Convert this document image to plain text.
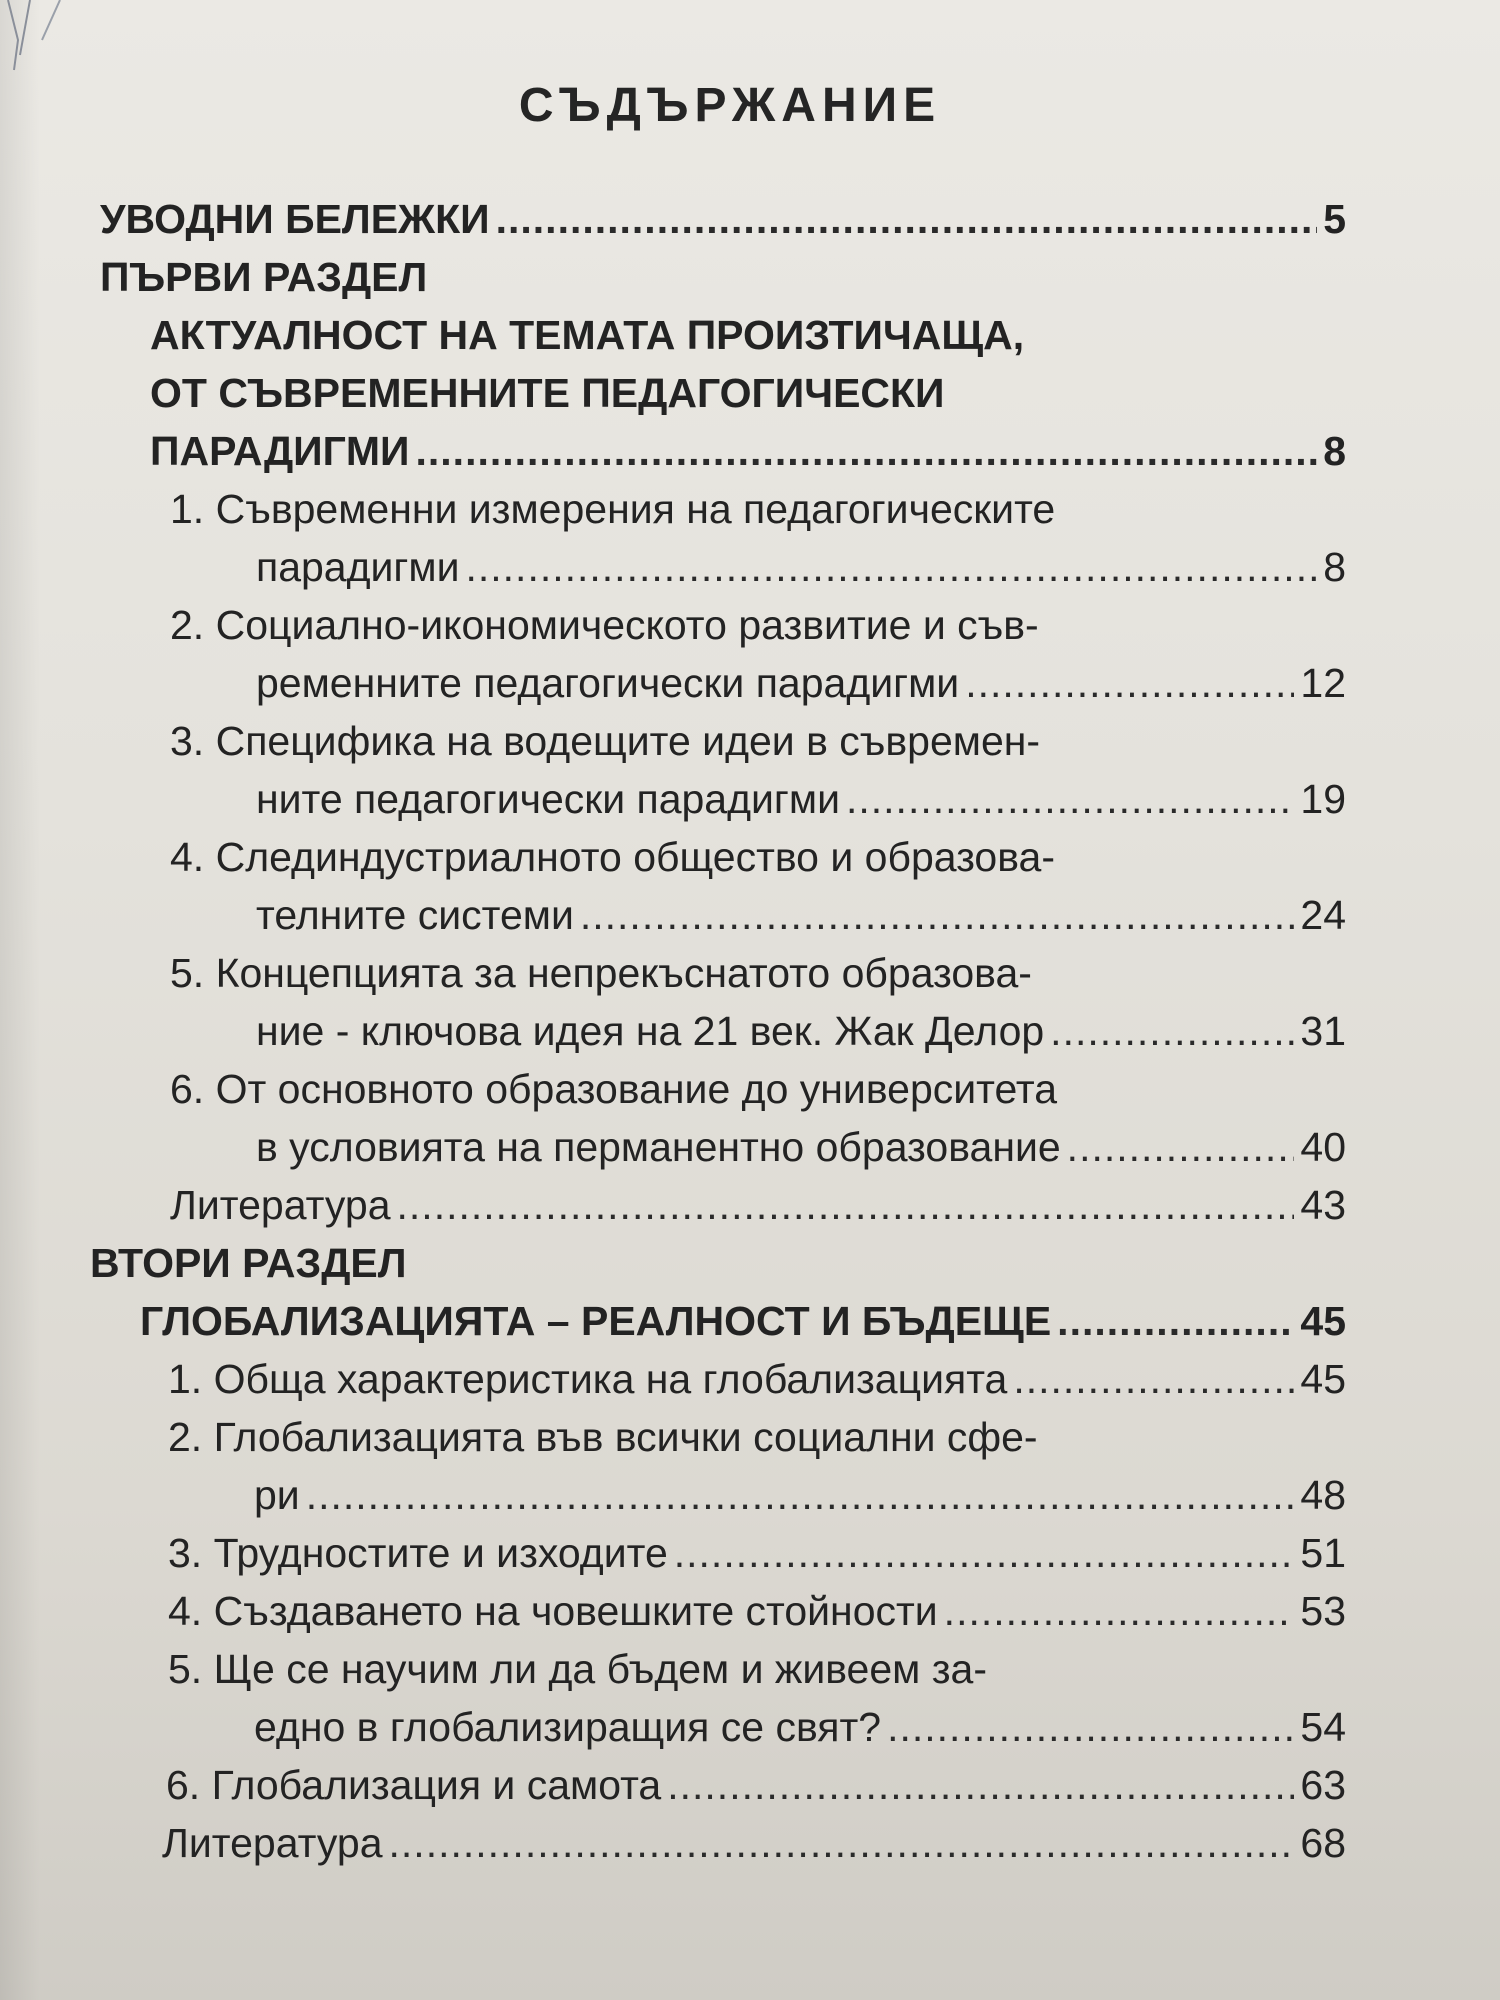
СЪДЪРЖАНИЕ
УВОДНИ БЕЛЕЖКИ .....	5
ПЪРВИ РАЗДЕЛ
АКТУАЛНОСТ НА ТЕМАТА ПРОИЗТИЧАЩА,
ОТ СЪВРЕМЕННИТЕ ПЕДАГОГИЧЕСКИ
ПАРАДИГМИ .....	8
1. Съвременни измерения на педагогическите
парадигми .....	8
2. Социално-икономическото развитие и съв-
ременните педагогически парадигми .....	12
3. Специфика на водещите идеи в съвремен-
ните педагогически парадигми .....	19
4. Слединдустриалното общество и образова-
телните системи .....	24
5. Концепцията за непрекъснатото образова-
ние - ключова идея на 21 век. Жак Делор .....	31
6. От основното образование до университета
в условията на перманентно образование .....	40
Литература .....	43
ВТОРИ РАЗДЕЛ
ГЛОБАЛИЗАЦИЯТА – РЕАЛНОСТ И БЪДЕЩЕ .....	45
1. Обща характеристика на глобализацията .....	45
2. Глобализацията във всички социални сфе-
ри .....	48
3. Трудностите и изходите .....	51
4. Създаването на човешките стойности .....	53
5. Ще се научим ли да бъдем и живеем за-
едно в глобализиращия се свят? .....	54
6. Глобализация и самота .....	63
Литература .....	68
